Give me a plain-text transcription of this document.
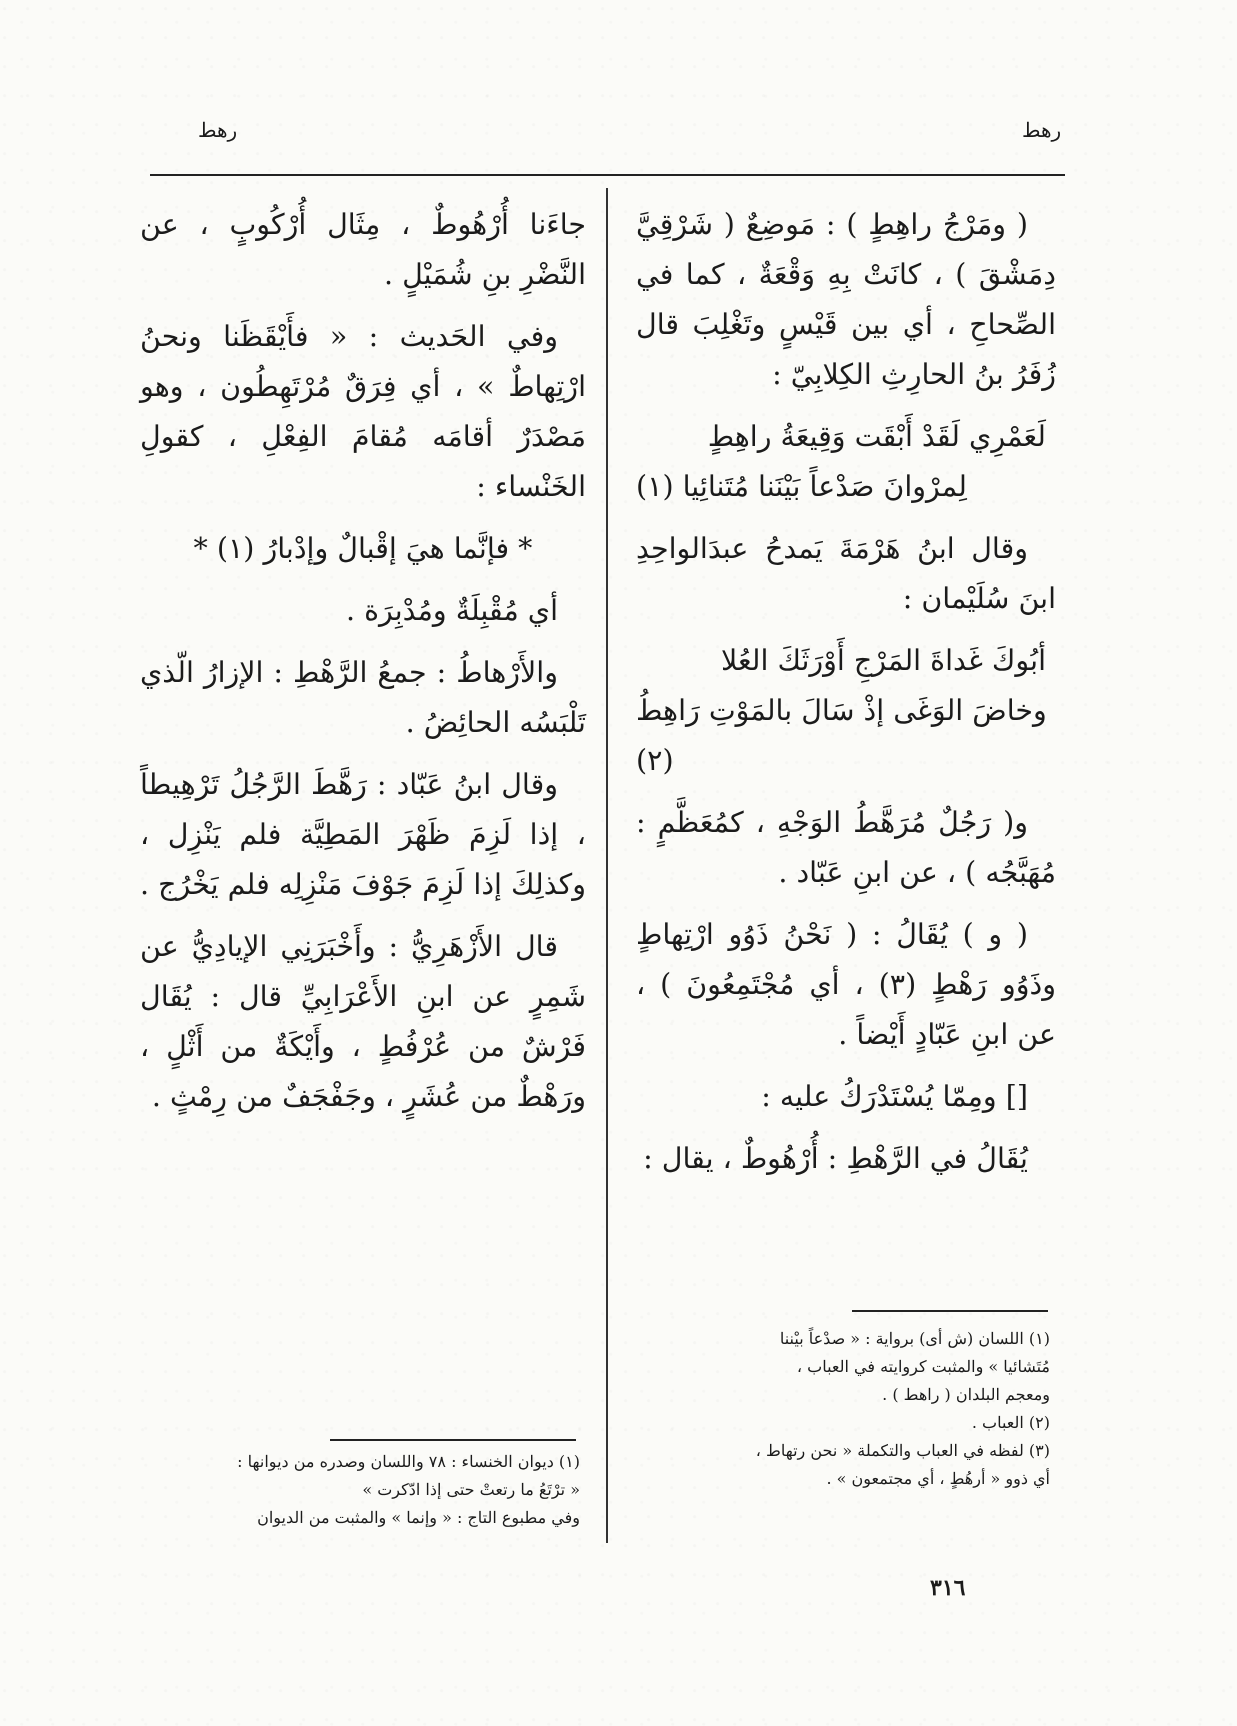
رهط	رهط

( ومَرْجُ راهِطٍ ) : مَوضِعٌ ( شَرْقِيَّ دِمَشْقَ ) ، كانَتْ بِهِ وَقْعَةٌ ، كما في الصِّحاحِ ، أي بين قَيْسٍ وتَغْلِبَ قال زُفَرُ بنُ الحارِثِ الكِلابِيّ :

لَعَمْرِي لَقَدْ أَبْقَت وَقِيعَةُ راهِطٍ
لِمرْوانَ صَدْعاً بَيْنَنا مُتَنائِيا (١)

وقال ابنُ هَرْمَةَ يَمدحُ عبدَالواحِدِ ابنَ سُلَيْمان :

أبُوكَ غَداةَ المَرْجِ أَوْرَثَكَ العُلا
وخاضَ الوَغَى إذْ سَالَ بالمَوْتِ رَاهِطُ (٢)

و( رَجُلٌ مُرَهَّطُ الوَجْهِ ، كمُعَظَّمٍ : مُهَبَّجُه ) ، عن ابنِ عَبّاد .

( و ) يُقَالُ : ( نَحْنُ ذَوُو ارْتِهاطٍ وذَوُو رَهْطٍ (٣) ، أي مُجْتَمِعُونَ ) ، عن ابنِ عَبّادٍ أَيْضاً .

[] ومِمّا يُسْتَدْرَكُ عليه :

يُقَالُ في الرَّهْطِ : أُرْهُوطٌ ، يقال :

جاءَنا أُرْهُوطٌ ، مِثَال أُرْكُوبٍ ، عن النَّضْرِ بنِ شُمَيْلٍ .

وفي الحَديث : « فأَيْقَظَنا ونحنُ ارْتِهاطٌ » ، أي فِرَقٌ مُرْتَهِطُون ، وهو مَصْدَرٌ أقامَه مُقامَ الفِعْلِ ، كقولِ الخَنْساء :

* فإنَّما هيَ إقْبالٌ وإدْبارُ (١) *

أي مُقْبِلَةٌ ومُدْبِرَة .

والأَرْهاطُ : جمعُ الرَّهْطِ : الإزارُ الّذي تَلْبَسُه الحائِضُ .

وقال ابنُ عَبّاد : رَهَّطَ الرَّجُلُ تَرْهِيطاً ، إذا لَزِمَ ظَهْرَ المَطِيَّة فلم يَنْزِل ، وكذلِكَ إذا لَزِمَ جَوْفَ مَنْزِلِه فلم يَخْرُج .

قال الأَزْهَرِيُّ : وأَخْبَرَنِي الإيادِيُّ عن شَمِرٍ عن ابنِ الأَعْرَابِيِّ قال : يُقَال فَرْشٌ من عُرْفُطٍ ، وأَيْكَةٌ من أَثْلٍ ، ورَهْطٌ من عُشَرٍ ، وجَفْجَفٌ من رِمْثٍ .

(١) اللسان (ش أى) برواية : « صدْعاً بيْننا
مُتَشائيا » والمثبت كروايته في العباب ،
ومعجم البلدان ( راهط ) .
(٢) العباب .
(٣) لفظه في العباب والتكملة « نحن رتهاط ،
أي ذوو « أرهُطٍ ، أي مجتمعون » .
(١) ديوان الخنساء : ٧٨ واللسان وصدره من ديوانها :
« ترْتَعُ ما رتعتْ حتى إذا ادّكرت »
وفي مطبوع التاج : « وإنما » والمثبت من الديوان
٣١٦
